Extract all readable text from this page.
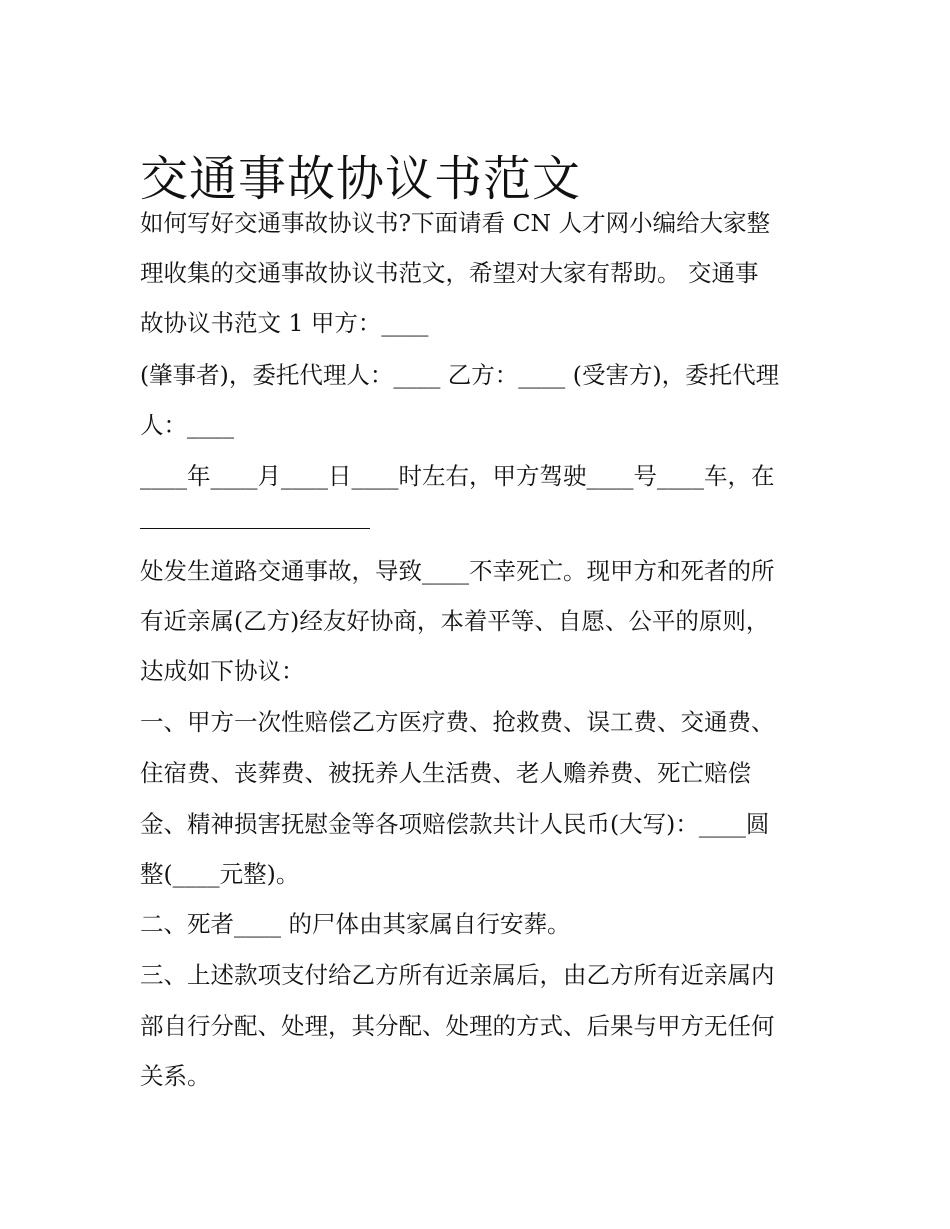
交通事故协议书范文
如何写好交通事故协议书?下面请看 CN 人才网小编给大家整
理收集的交通事故协议书范文，希望对大家有帮助。 交通事
故协议书范文 1 甲方：____
(肇事者)，委托代理人：____ 乙方：____ (受害方)，委托代理
人：____
____年____月____日____时左右，甲方驾驶____号____车，在
处发生道路交通事故，导致____不幸死亡。现甲方和死者的所
有近亲属(乙方)经友好协商，本着平等、自愿、公平的原则，
达成如下协议：
一、甲方一次性赔偿乙方医疗费、抢救费、误工费、交通费、
住宿费、丧葬费、被抚养人生活费、老人赡养费、死亡赔偿
金、精神损害抚慰金等各项赔偿款共计人民币(大写)：____圆
整(____元整)。
二、死者____ 的尸体由其家属自行安葬。
三、上述款项支付给乙方所有近亲属后，由乙方所有近亲属内
部自行分配、处理，其分配、处理的方式、后果与甲方无任何
关系。
